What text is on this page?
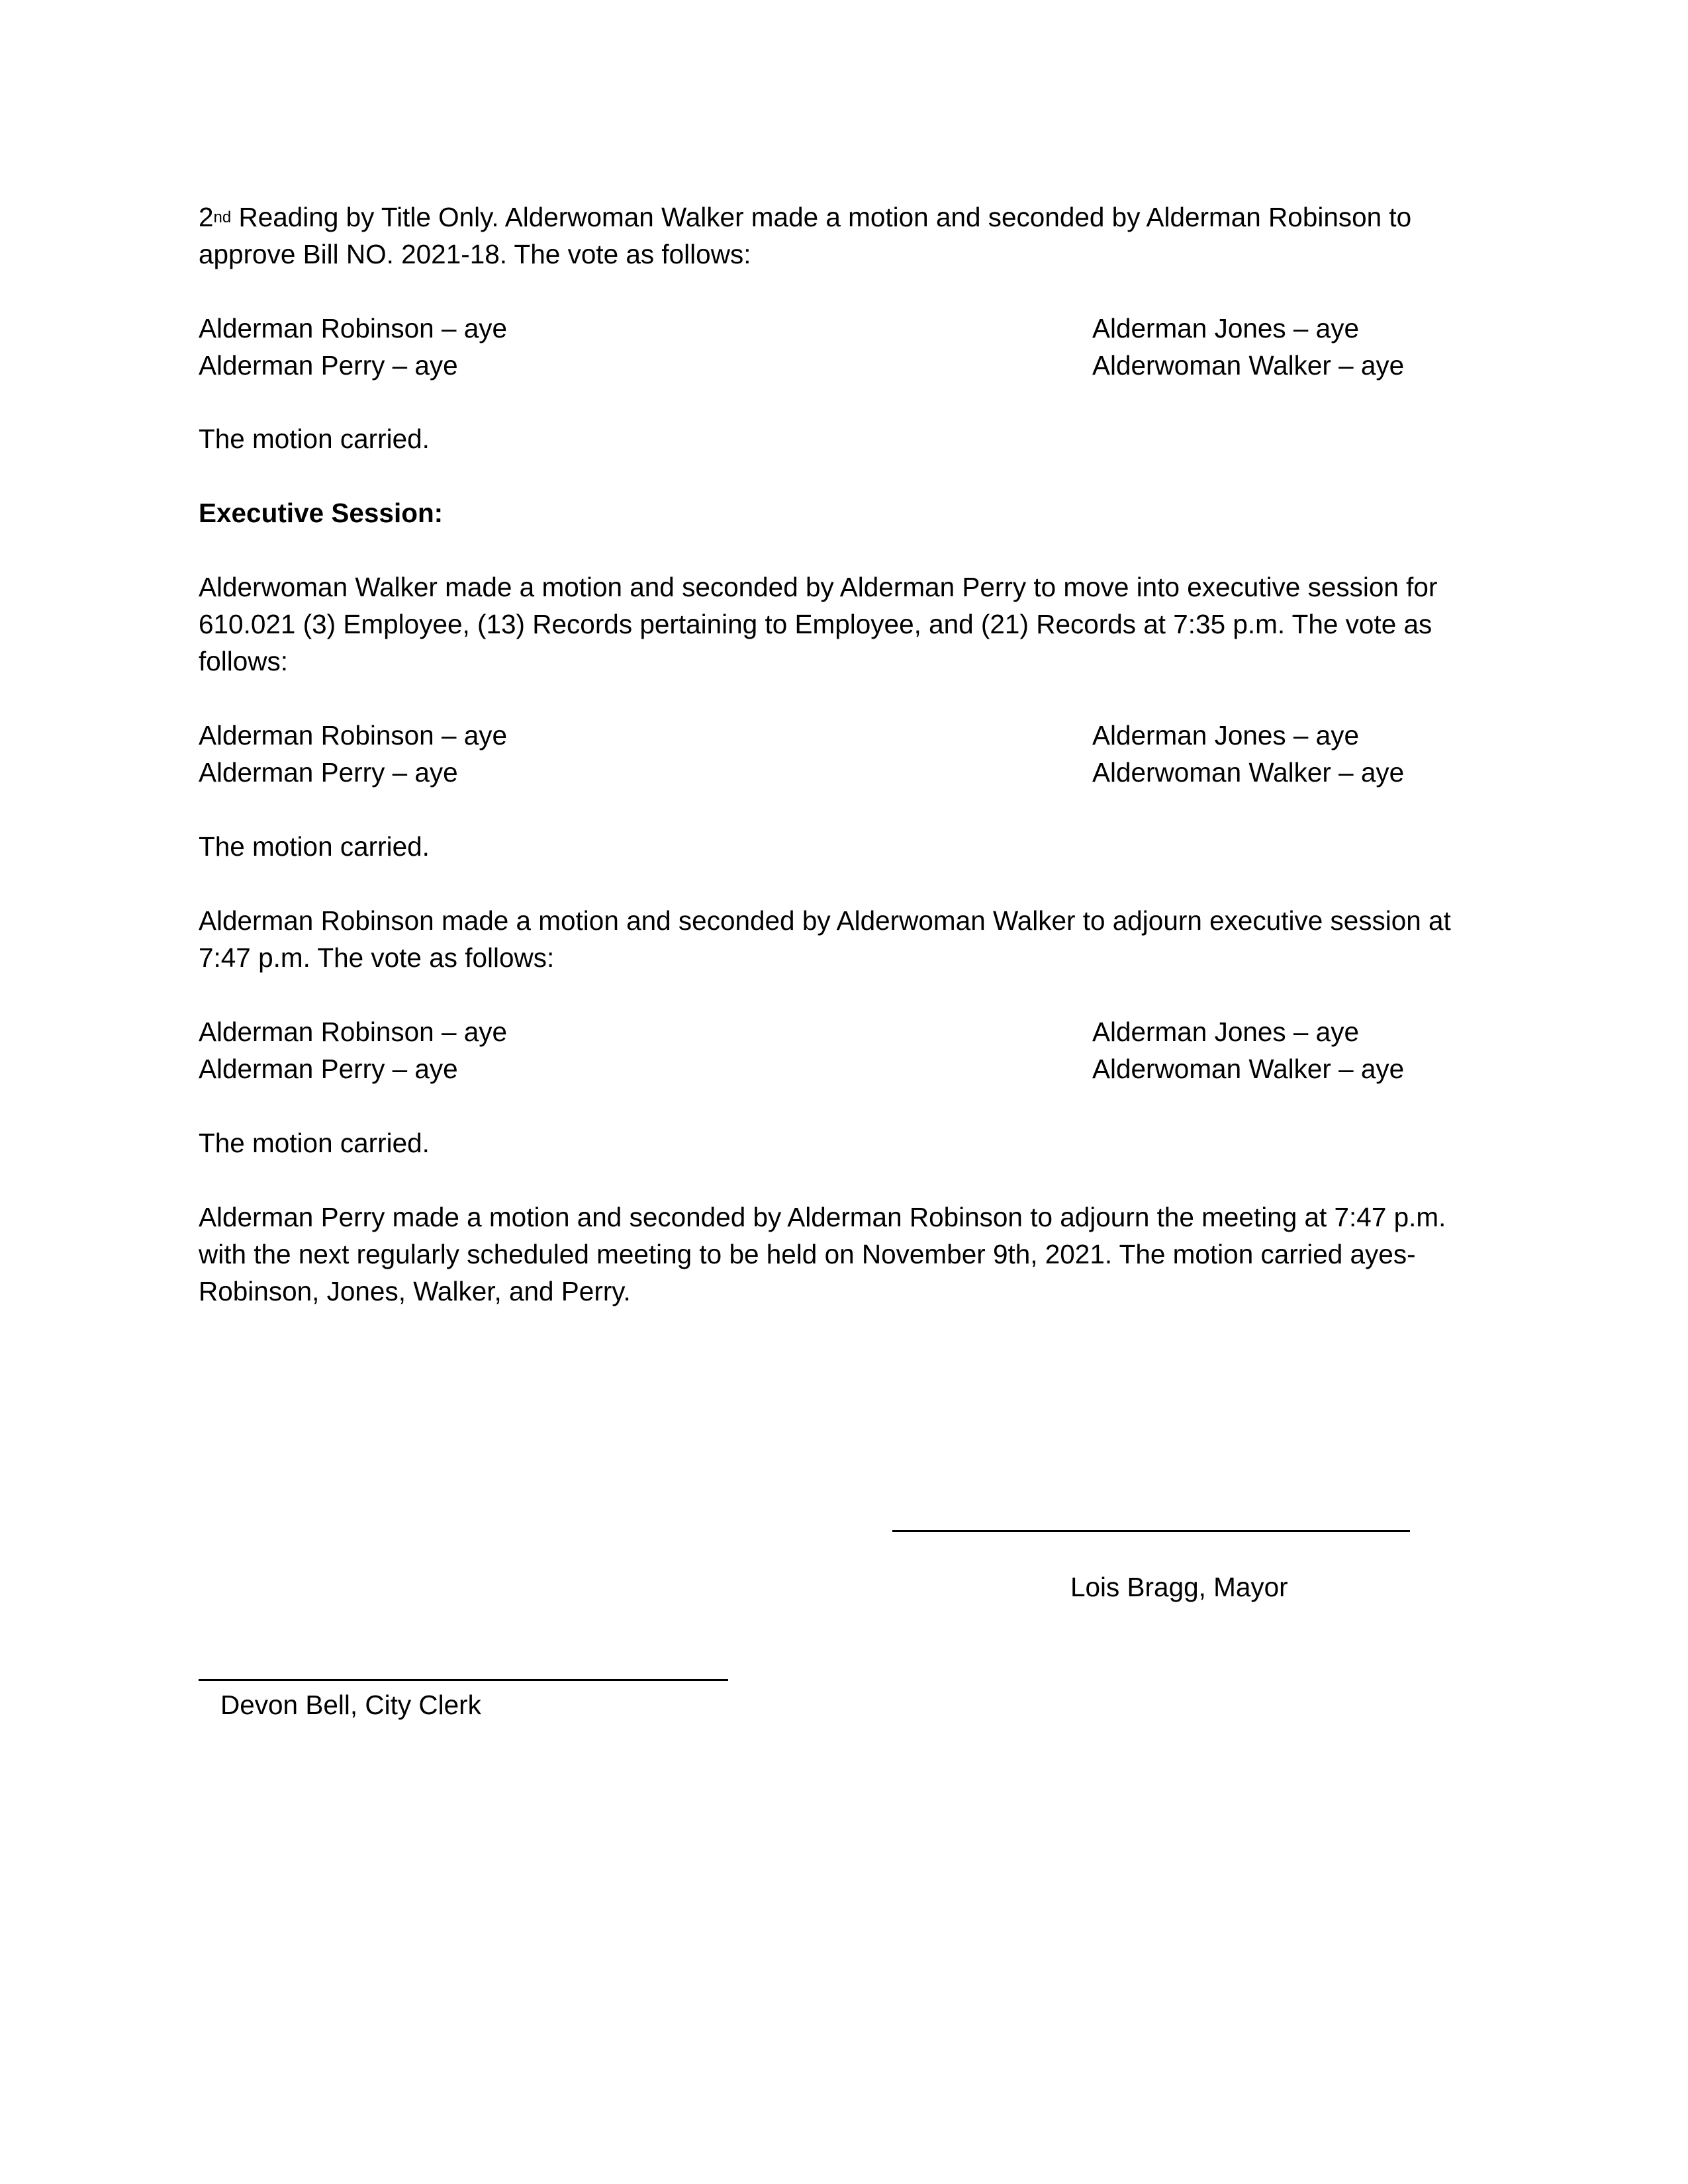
2nd Reading by Title Only. Alderwoman Walker made a motion and seconded by Alderman Robinson to approve Bill NO. 2021-18. The vote as follows:

Alderman Robinson – aye
Alderman Perry – aye
Alderman Jones – aye
Alderwoman Walker – aye

The motion carried.

Executive Session:

Alderwoman Walker made a motion and seconded by Alderman Perry to move into executive session for 610.021 (3) Employee, (13) Records pertaining to Employee, and (21) Records at 7:35 p.m. The vote as follows:

Alderman Robinson – aye
Alderman Perry – aye
Alderman Jones – aye
Alderwoman Walker – aye

The motion carried.

Alderman Robinson made a motion and seconded by Alderwoman Walker to adjourn executive session at 7:47 p.m. The vote as follows:

Alderman Robinson – aye
Alderman Perry – aye
Alderman Jones – aye
Alderwoman Walker – aye

The motion carried.

Alderman Perry made a motion and seconded by Alderman Robinson to adjourn the meeting at 7:47 p.m. with the next regularly scheduled meeting to be held on November 9th, 2021. The motion carried ayes- Robinson, Jones, Walker, and Perry.

Lois Bragg, Mayor
Devon Bell, City Clerk
